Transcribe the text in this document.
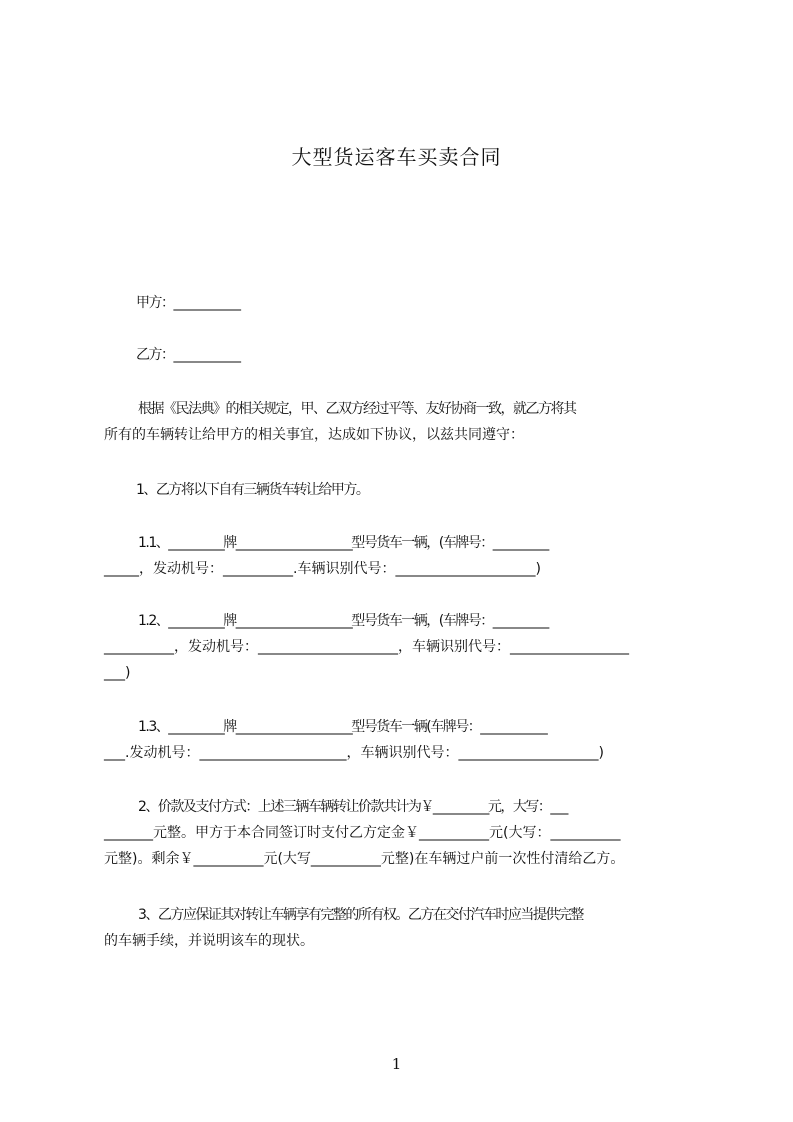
大型货运客车买卖合同
甲方：____________
乙方：____________
根据《民法典》的相关规定，甲、乙双方经过平等、友好协商一致，就乙方将其
所有的车辆转让给甲方的相关事宜，达成如下协议，以兹共同遵守：
1、乙方将以下自有三辆货车转让给甲方。
1.1、__________牌_____________________型号货车一辆，(车牌号：__________
_____，发动机号：__________.车辆识别代号：____________________)
1.2、__________牌_____________________型号货车一辆，(车牌号：__________
__________，发动机号：____________________，车辆识别代号：_________________
___)
1.3、__________牌_____________________型号货车一辆(车牌号：____________
___.发动机号：_____________________，车辆识别代号：____________________)
2、价款及支付方式：上述三辆车辆转让价款共计为￥__________元，大写：___
_______元整。甲方于本合同签订时支付乙方定金￥__________元(大写：__________
元整)。剩余￥__________元(大写__________元整)在车辆过户前一次性付清给乙方。
3、乙方应保证其对转让车辆享有完整的所有权。乙方在交付汽车时应当提供完整
的车辆手续，并说明该车的现状。
1
